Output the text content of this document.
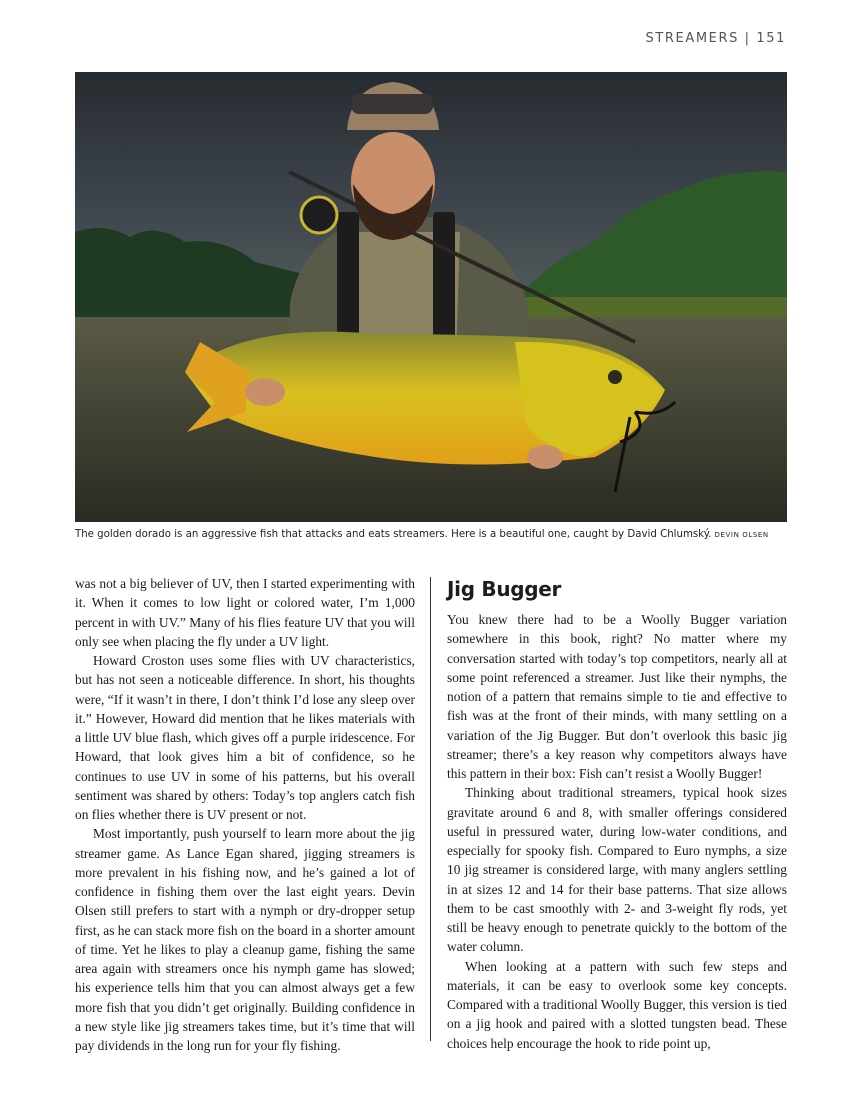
STREAMERS | 151
The golden dorado is an aggressive fish that attacks and eats streamers. Here is a beautiful one, caught by David Chlumský. DEVIN OLSEN

was not a big believer of UV, then I started experimenting with it. When it comes to low light or colored water, I’m 1,000 percent in with UV.” Many of his flies feature UV that you will only see when placing the fly under a UV light.

Howard Croston uses some flies with UV characteristics, but has not seen a noticeable difference. In short, his thoughts were, “If it wasn’t in there, I don’t think I’d lose any sleep over it.” However, Howard did mention that he likes materials with a little UV blue flash, which gives off a purple iridescence. For Howard, that look gives him a bit of confidence, so he continues to use UV in some of his patterns, but his overall sentiment was shared by others: Today’s top anglers catch fish on flies whether there is UV present or not.

Most importantly, push yourself to learn more about the jig streamer game. As Lance Egan shared, jigging streamers is more prevalent in his fishing now, and he’s gained a lot of confidence in fishing them over the last eight years. Devin Olsen still prefers to start with a nymph or dry-dropper setup first, as he can stack more fish on the board in a shorter amount of time. Yet he likes to play a cleanup game, fishing the same area again with streamers once his nymph game has slowed; his experience tells him that you can almost always get a few more fish that you didn’t get originally. Building confidence in a new style like jig streamers takes time, but it’s time that will pay dividends in the long run for your fly fishing.

Jig Bugger

You knew there had to be a Woolly Bugger variation somewhere in this book, right? No matter where my conversation started with today’s top competitors, nearly all at some point referenced a streamer. Just like their nymphs, the notion of a pattern that remains simple to tie and effective to fish was at the front of their minds, with many settling on a variation of the Jig Bugger. But don’t overlook this basic jig streamer; there’s a key reason why competitors always have this pattern in their box: Fish can’t resist a Woolly Bugger!

Thinking about traditional streamers, typical hook sizes gravitate around 6 and 8, with smaller offerings considered useful in pressured water, during low-water conditions, and especially for spooky fish. Compared to Euro nymphs, a size 10 jig streamer is considered large, with many anglers settling in at sizes 12 and 14 for their base patterns. That size allows them to be cast smoothly with 2- and 3-weight fly rods, yet still be heavy enough to penetrate quickly to the bottom of the water column.

When looking at a pattern with such few steps and materials, it can be easy to overlook some key concepts. Compared with a traditional Woolly Bugger, this version is tied on a jig hook and paired with a slotted tungsten bead. These choices help encourage the hook to ride point up,
